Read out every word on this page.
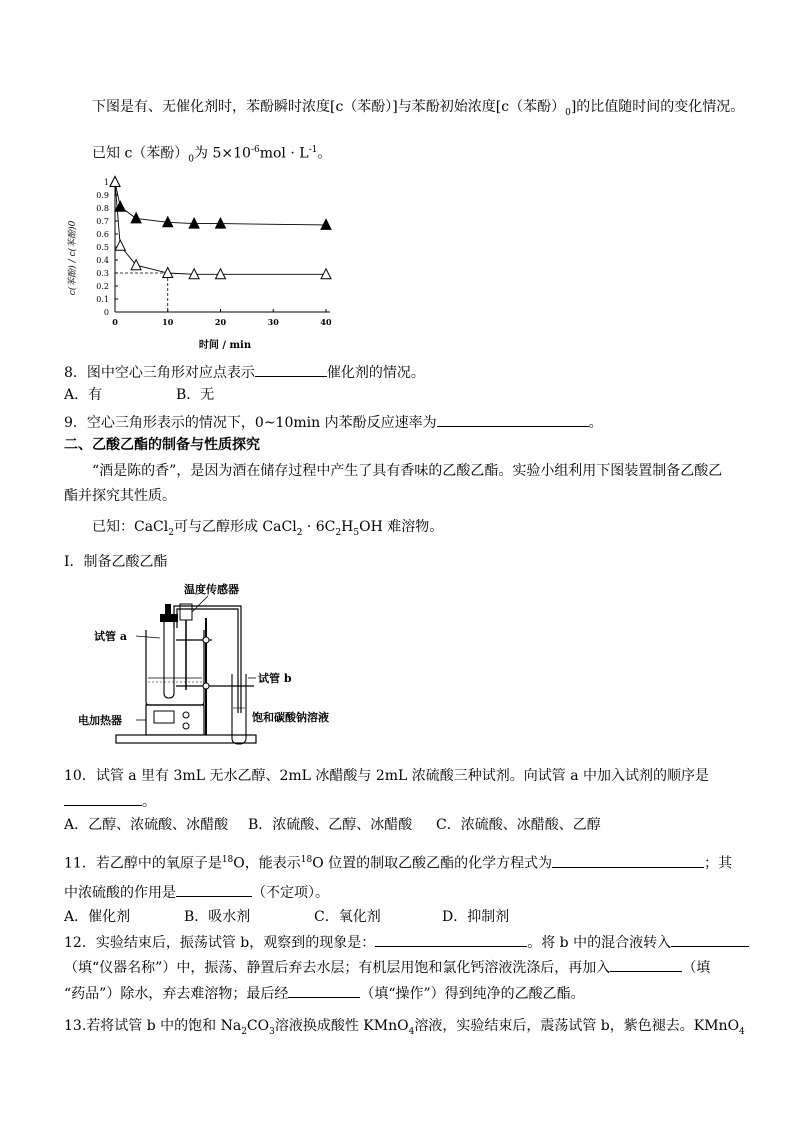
下图是有、无催化剂时，苯酚瞬时浓度[c（苯酚）]与苯酚初始浓度[c（苯酚）$_0$]的比值随时间的变化情况。
已知 c（苯酚）$_0$为 $5\times 10^{-6}mol \cdot L^{-1}$。
0
0.1
0.2
0.3
0.4
0.5
0.6
0.7
0.8
0.9
1
0	10	20	30	40
c(苯酚) / c(苯酚)0
时间 / min
8．图中空心三角形对应点表示	催化剂的情况。
A．有	B．无
9．空心三角形表示的情况下，0~10min 内苯酚反应速率为	。
二、乙酸乙酯的制备与性质探究
“酒是陈的香”，是因为酒在储存过程中产生了具有香味的乙酸乙酯。实验小组利用下图装置制备乙酸乙
酯并探究其性质。
已知：CaCl$_2$可与乙醇形成 CaCl$_2$ · $6C_2H_5OH$ 难溶物。
I．制备乙酸乙酯
温度传感器
试管 a
试管 b
电加热器	饱和碳酸钠溶液
10．试管 a 里有 3mL 无水乙醇、2mL 冰醋酸与 2mL 浓硫酸三种试剂。向试管 a 中加入试剂的顺序是
。
A．乙醇、浓硫酸、冰醋酸 B．浓硫酸、乙醇、冰醋酸 C．浓硫酸、冰醋酸、乙醇
11．若乙醇中的氧原子是$^{18}$O，能表示$^{18}$O 位置的制取乙酸乙酯的化学方程式为	；其
中浓硫酸的作用是	（不定项）。
A．催化剂	B．吸水剂	C．氧化剂	D．抑制剂
12．实验结束后，振荡试管 b，观察到的现象是：	。将 b 中的混合液转入
（填“仪器名称”）中，振荡、静置后弃去水层；有机层用饱和氯化钙溶液洗涤后，再加入	（填
“药品”）除水，弃去难溶物；最后经	（填“操作”）得到纯净的乙酸乙酯。
13.若将试管 b 中的饱和 $Na_2CO_3$溶液换成酸性 KMnO$_4$溶液，实验结束后，震荡试管 b，紫色褪去。KMnO$_4$
